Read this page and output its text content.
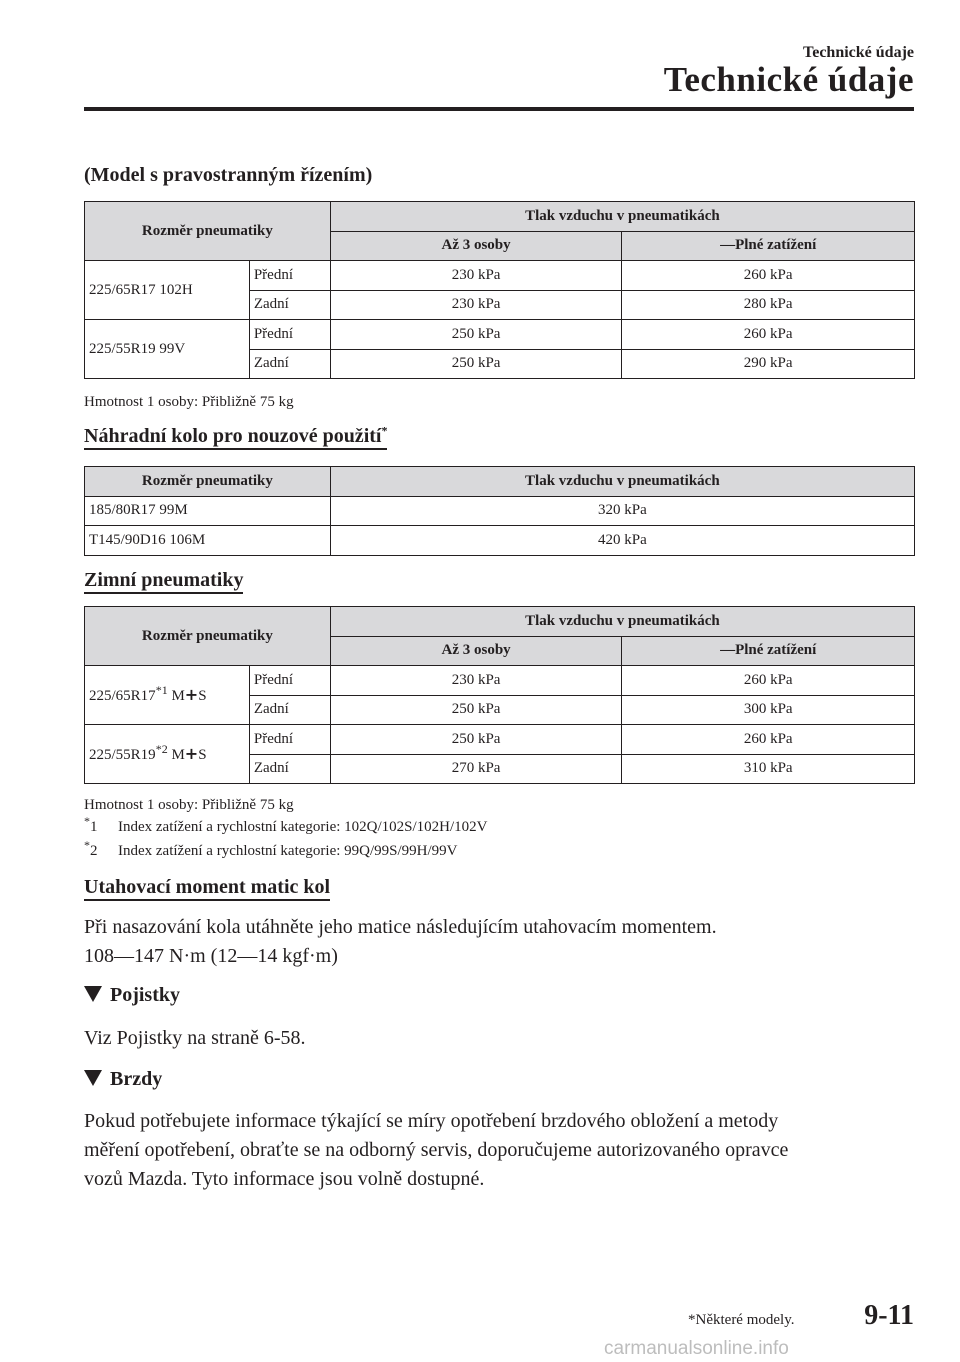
Technické údaje
Technické údaje
(Model s pravostranným řízením)
Rozměr pneumatiky		Tlak vzduchu v pneumatikách	
		Až 3 osoby	―Plné zatížení
225/65R17 102H	Přední	230 kPa	260 kPa
	Zadní	230 kPa	280 kPa
225/55R19 99V	Přední	250 kPa	260 kPa
	Zadní	250 kPa	290 kPa
Hmotnost 1 osoby: Přibližně 75 kg
Náhradní kolo pro nouzové použití*
Rozměr pneumatiky	Tlak vzduchu v pneumatikách
185/80R17 99M	320 kPa
T145/90D16 106M	420 kPa
Zimní pneumatiky
Rozměr pneumatiky		Tlak vzduchu v pneumatikách	
		Až 3 osoby	―Plné zatížení
225/65R17$^{*1}$ M+S	Přední	230 kPa	260 kPa
	Zadní	250 kPa	300 kPa
225/55R19$^{*2}$ M+S	Přední	250 kPa	260 kPa
	Zadní	270 kPa	310 kPa
Hmotnost 1 osoby: Přibližně 75 kg
*1 Index zatížení a rychlostní kategorie: 102Q/102S/102H/102V
*2 Index zatížení a rychlostní kategorie: 99Q/99S/99H/99V
Utahovací moment matic kol
Při nasazování kola utáhněte jeho matice následujícím utahovacím momentem.
108―147 N·m (12―14 kgf·m)
Pojistky
Viz Pojistky na straně 6-58.
Brzdy
Pokud potřebujete informace týkající se míry opotřebení brzdového obložení a metody
měření opotřebení, obraťte se na odborný servis, doporučujeme autorizovaného opravce
vozů Mazda. Tyto informace jsou volně dostupné.
*Některé modely. 9-11
carmanualsonline.info
